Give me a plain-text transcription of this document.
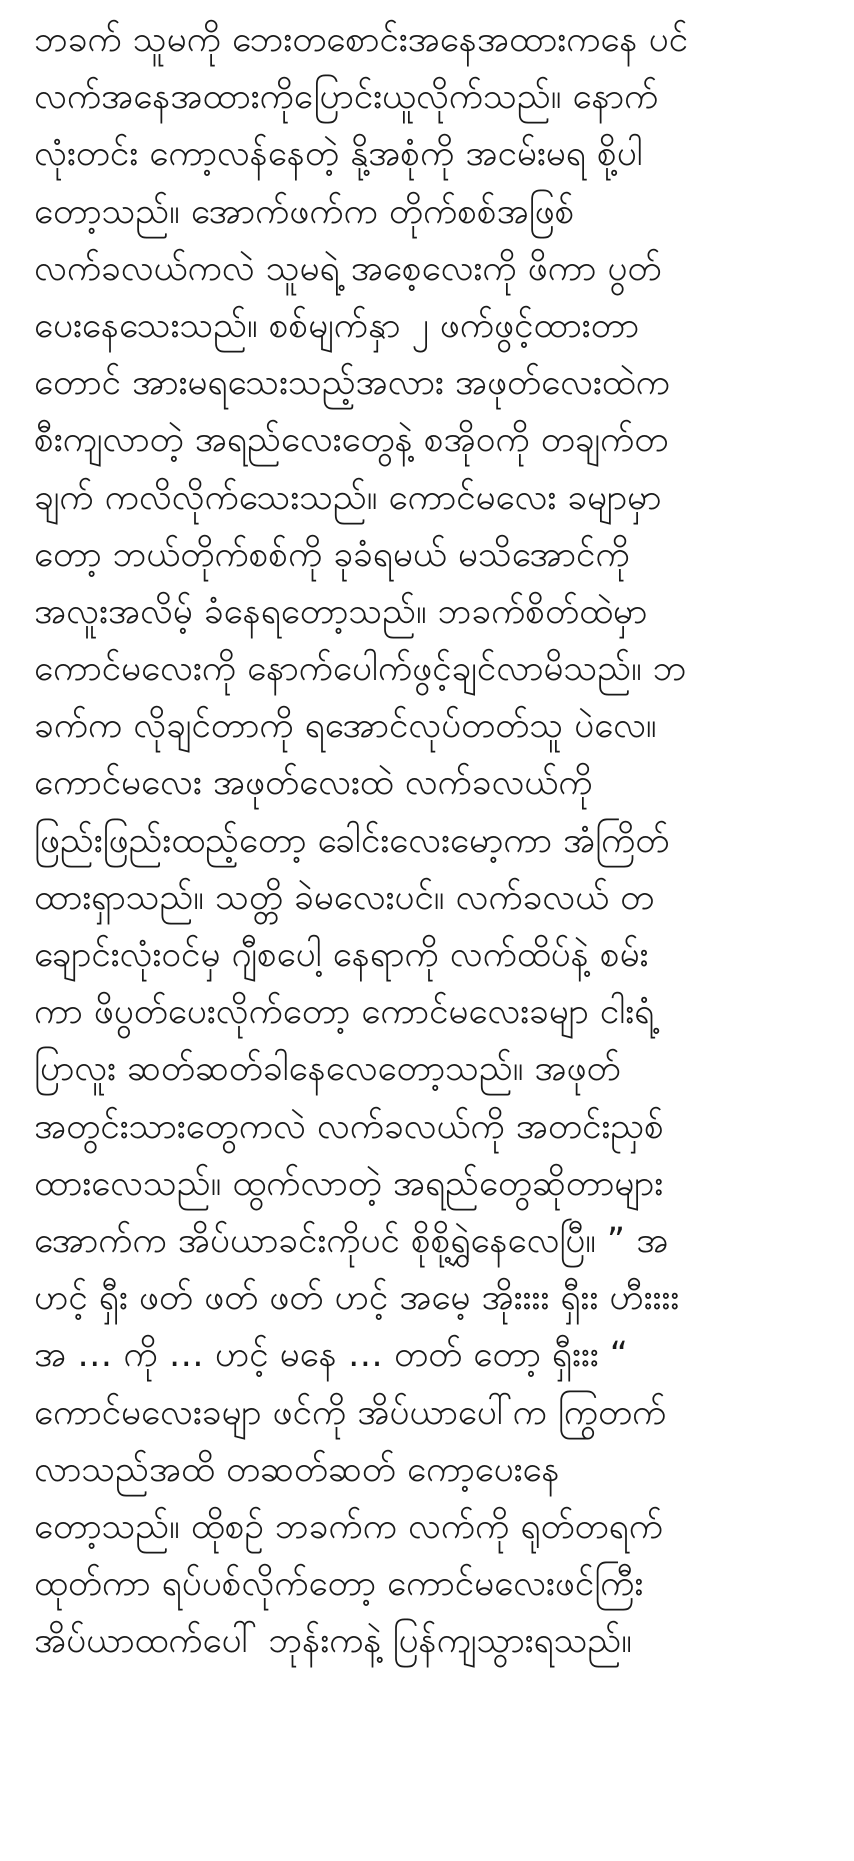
ဘခက် သူမကို ဘေးတစောင်းအနေအထားကနေ ပင်
လက်အနေအထားကိုပြောင်းယူလိုက်သည်။ နောက်
လုံးတင်း ကော့လန်နေတဲ့ နို့အစုံကို အငမ်းမရ စို့ပါ
တော့သည်။ အောက်ဖက်က တိုက်စစ်အဖြစ်
လက်ခလယ်ကလဲ သူမရဲ့ အစေ့လေးကို ဖိကာ ပွတ်
ပေးနေသေးသည်။ စစ်မျက်နှာ ၂ ဖက်ဖွင့်ထားတာ
တောင် အားမရသေးသည့်အလား အဖုတ်လေးထဲက
စီးကျလာတဲ့ အရည်လေးတွေနဲ့ စအိုဝကို တချက်တ
ချက် ကလိလိုက်သေးသည်။ ကောင်မလေး ခမျာမှာ
တော့ ဘယ်တိုက်စစ်ကို ခုခံရမယ် မသိအောင်ကို
အလူးအလိမ့် ခံနေရတော့သည်။ ဘခက်စိတ်ထဲမှာ
ကောင်မလေးကို နောက်ပေါက်ဖွင့်ချင်လာမိသည်။ ဘ
ခက်က လိုချင်တာကို ရအောင်လုပ်တတ်သူ ပဲလေ။
ကောင်မလေး အဖုတ်လေးထဲ လက်ခလယ်ကို
ဖြည်းဖြည်းထည့်တော့ ခေါင်းလေးမော့ကာ အံကြိတ်
ထားရှာသည်။ သတ္တိ ခဲမလေးပင်။ လက်ခလယ် တ
ချောင်းလုံးဝင်မှ ဂျီစပေါ့ နေရာကို လက်ထိပ်နဲ့ စမ်း
ကာ ဖိပွတ်ပေးလိုက်တော့ ကောင်မလေးခမျာ ငါးရံ့
ပြာလူး ဆတ်ဆတ်ခါနေလေတော့သည်။ အဖုတ်
အတွင်းသားတွေကလဲ လက်ခလယ်ကို အတင်းညှစ်
ထားလေသည်။ ထွက်လာတဲ့ အရည်တွေဆိုတာများ
အောက်က အိပ်ယာခင်းကိုပင် စိုစို့ရွှဲနေလေပြီ။ ” အ
ဟင့် ရှီး ဖတ် ဖတ် ဖတ် ဟင့် အမေ့ အိုးးးး ရှီးး ဟီးးးး
အ … ကို … ဟင့် မနေ … တတ် တော့ ရှီးးး “
ကောင်မလေးခမျာ ဖင်ကို အိပ်ယာပေါ်က ကြွတက်
လာသည်အထိ တဆတ်ဆတ် ကော့ပေးနေ
တော့သည်။ ထိုစဉ် ဘခက်က လက်ကို ရုတ်တရက်
ထုတ်ကာ ရပ်ပစ်လိုက်တော့ ကောင်မလေးဖင်ကြီး
အိပ်ယာထက်ပေါ် ဘုန်းကနဲ့ ပြန်ကျသွားရသည်။
